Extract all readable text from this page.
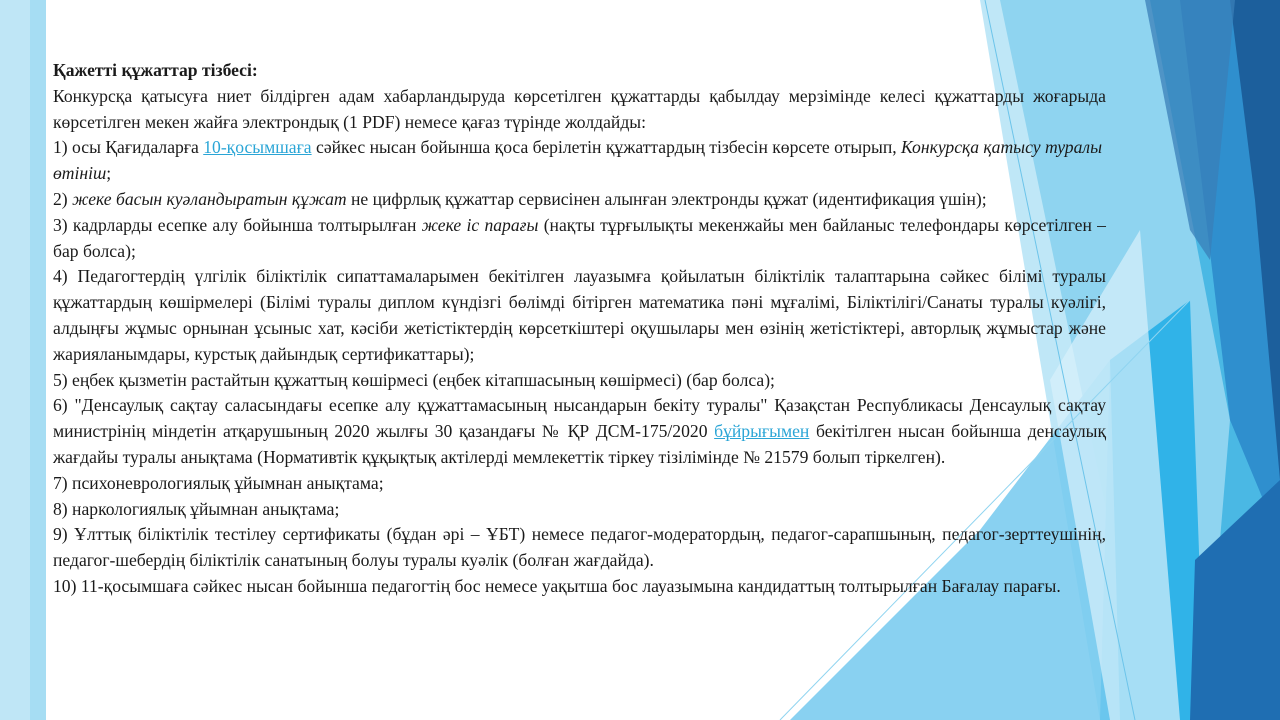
Қажетті құжаттар тізбесі:

Конкурсқа қатысуға ниет білдірген адам хабарландыруда көрсетілген құжаттарды қабылдау мерзімінде келесі құжаттарды жоғарыда көрсетілген мекен жайға электрондық (1 PDF) немесе қағаз түрінде жолдайды:

1) осы Қағидаларға 10-қосымшаға сәйкес нысан бойынша қоса берілетін құжаттардың тізбесін көрсете отырып, Конкурсқа қатысу туралы өтініш;

2) жеке басын куәландыратын құжат не цифрлық құжаттар сервисінен алынған электронды құжат (идентификация үшін);

3) кадрларды есепке алу бойынша толтырылған жеке іс парағы (нақты тұрғылықты мекенжайы мен байланыс телефондары көрсетілген – бар болса);

4) Педагогтердің үлгілік біліктілік сипаттамаларымен бекітілген лауазымға қойылатын біліктілік талаптарына сәйкес білімі туралы құжаттардың көшірмелері (Білімі туралы диплом күндізгі бөлімді бітірген математика пәні мұғалімі, Біліктілігі/Санаты туралы куәлігі, алдыңғы жұмыс орнынан ұсыныс хат, кәсіби жетістіктердің көрсеткіштері оқушылары мен өзінің жетістіктері, авторлық жұмыстар және жарияланымдары, курстық дайындық сертификаттары);

5) еңбек қызметін растайтын құжаттың көшірмесі (еңбек кітапшасының көшірмесі) (бар болса);

6) "Денсаулық сақтау саласындағы есепке алу құжаттамасының нысандарын бекіту туралы" Қазақстан Республикасы Денсаулық сақтау министрінің міндетін атқарушының 2020 жылғы 30 қазандағы № ҚР ДСМ-175/2020 бұйрығымен бекітілген нысан бойынша денсаулық жағдайы туралы анықтама (Нормативтік құқықтық актілерді мемлекеттік тіркеу тізілімінде № 21579 болып тіркелген).

7) психоневрологиялық ұйымнан анықтама;

8) наркологиялық ұйымнан анықтама;

9) Ұлттық біліктілік тестілеу сертификаты (бұдан әрі – ҰБТ) немесе педагог-модератордың, педагог-сарапшының, педагог-зерттеушінің, педагог-шебердің біліктілік санатының болуы туралы куәлік (болған жағдайда).

10) 11-қосымшаға сәйкес нысан бойынша педагогтің бос немесе уақытша бос лауазымына кандидаттың толтырылған Бағалау парағы.
